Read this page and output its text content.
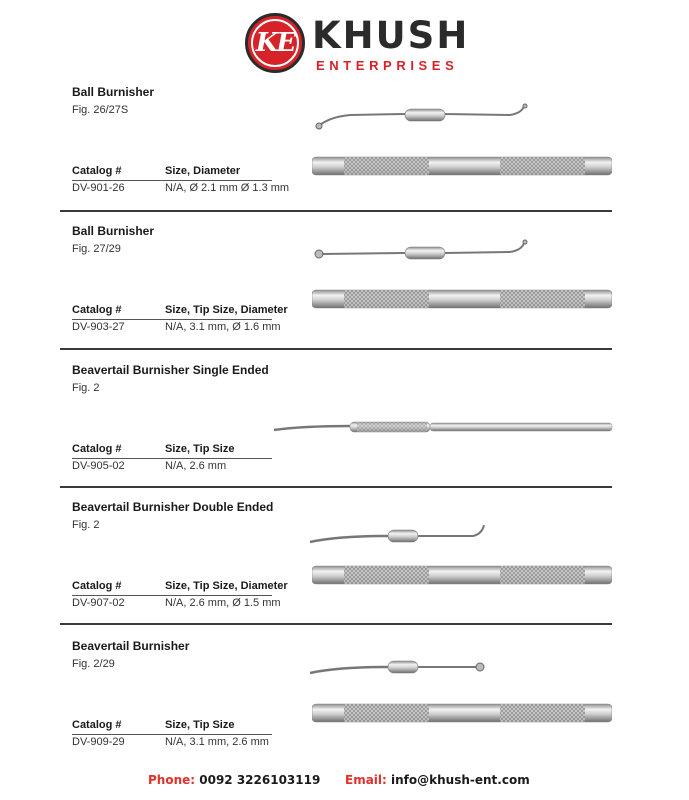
KE KHUSH
ENTERPRISES
Ball Burnisher
Fig. 26/27S
Catalog #	Size, Diameter
DV-901-26	N/A, Ø 2.1 mm Ø 1.3 mm
Ball Burnisher
Fig. 27/29
Catalog #	Size, Tip Size, Diameter
DV-903-27	N/A, 3.1 mm, Ø 1.6 mm
Beavertail Burnisher Single Ended
Fig. 2
Catalog #	Size, Tip Size
DV-905-02	N/A, 2.6 mm
Beavertail Burnisher Double Ended
Fig. 2
Catalog #	Size, Tip Size, Diameter
DV-907-02	N/A, 2.6 mm, Ø 1.5 mm
Beavertail Burnisher
Fig. 2/29
Catalog #	Size, Tip Size
DV-909-29	N/A, 3.1 mm, 2.6 mm
Phone: 0092 3226103119 Email: info@khush-ent.com
